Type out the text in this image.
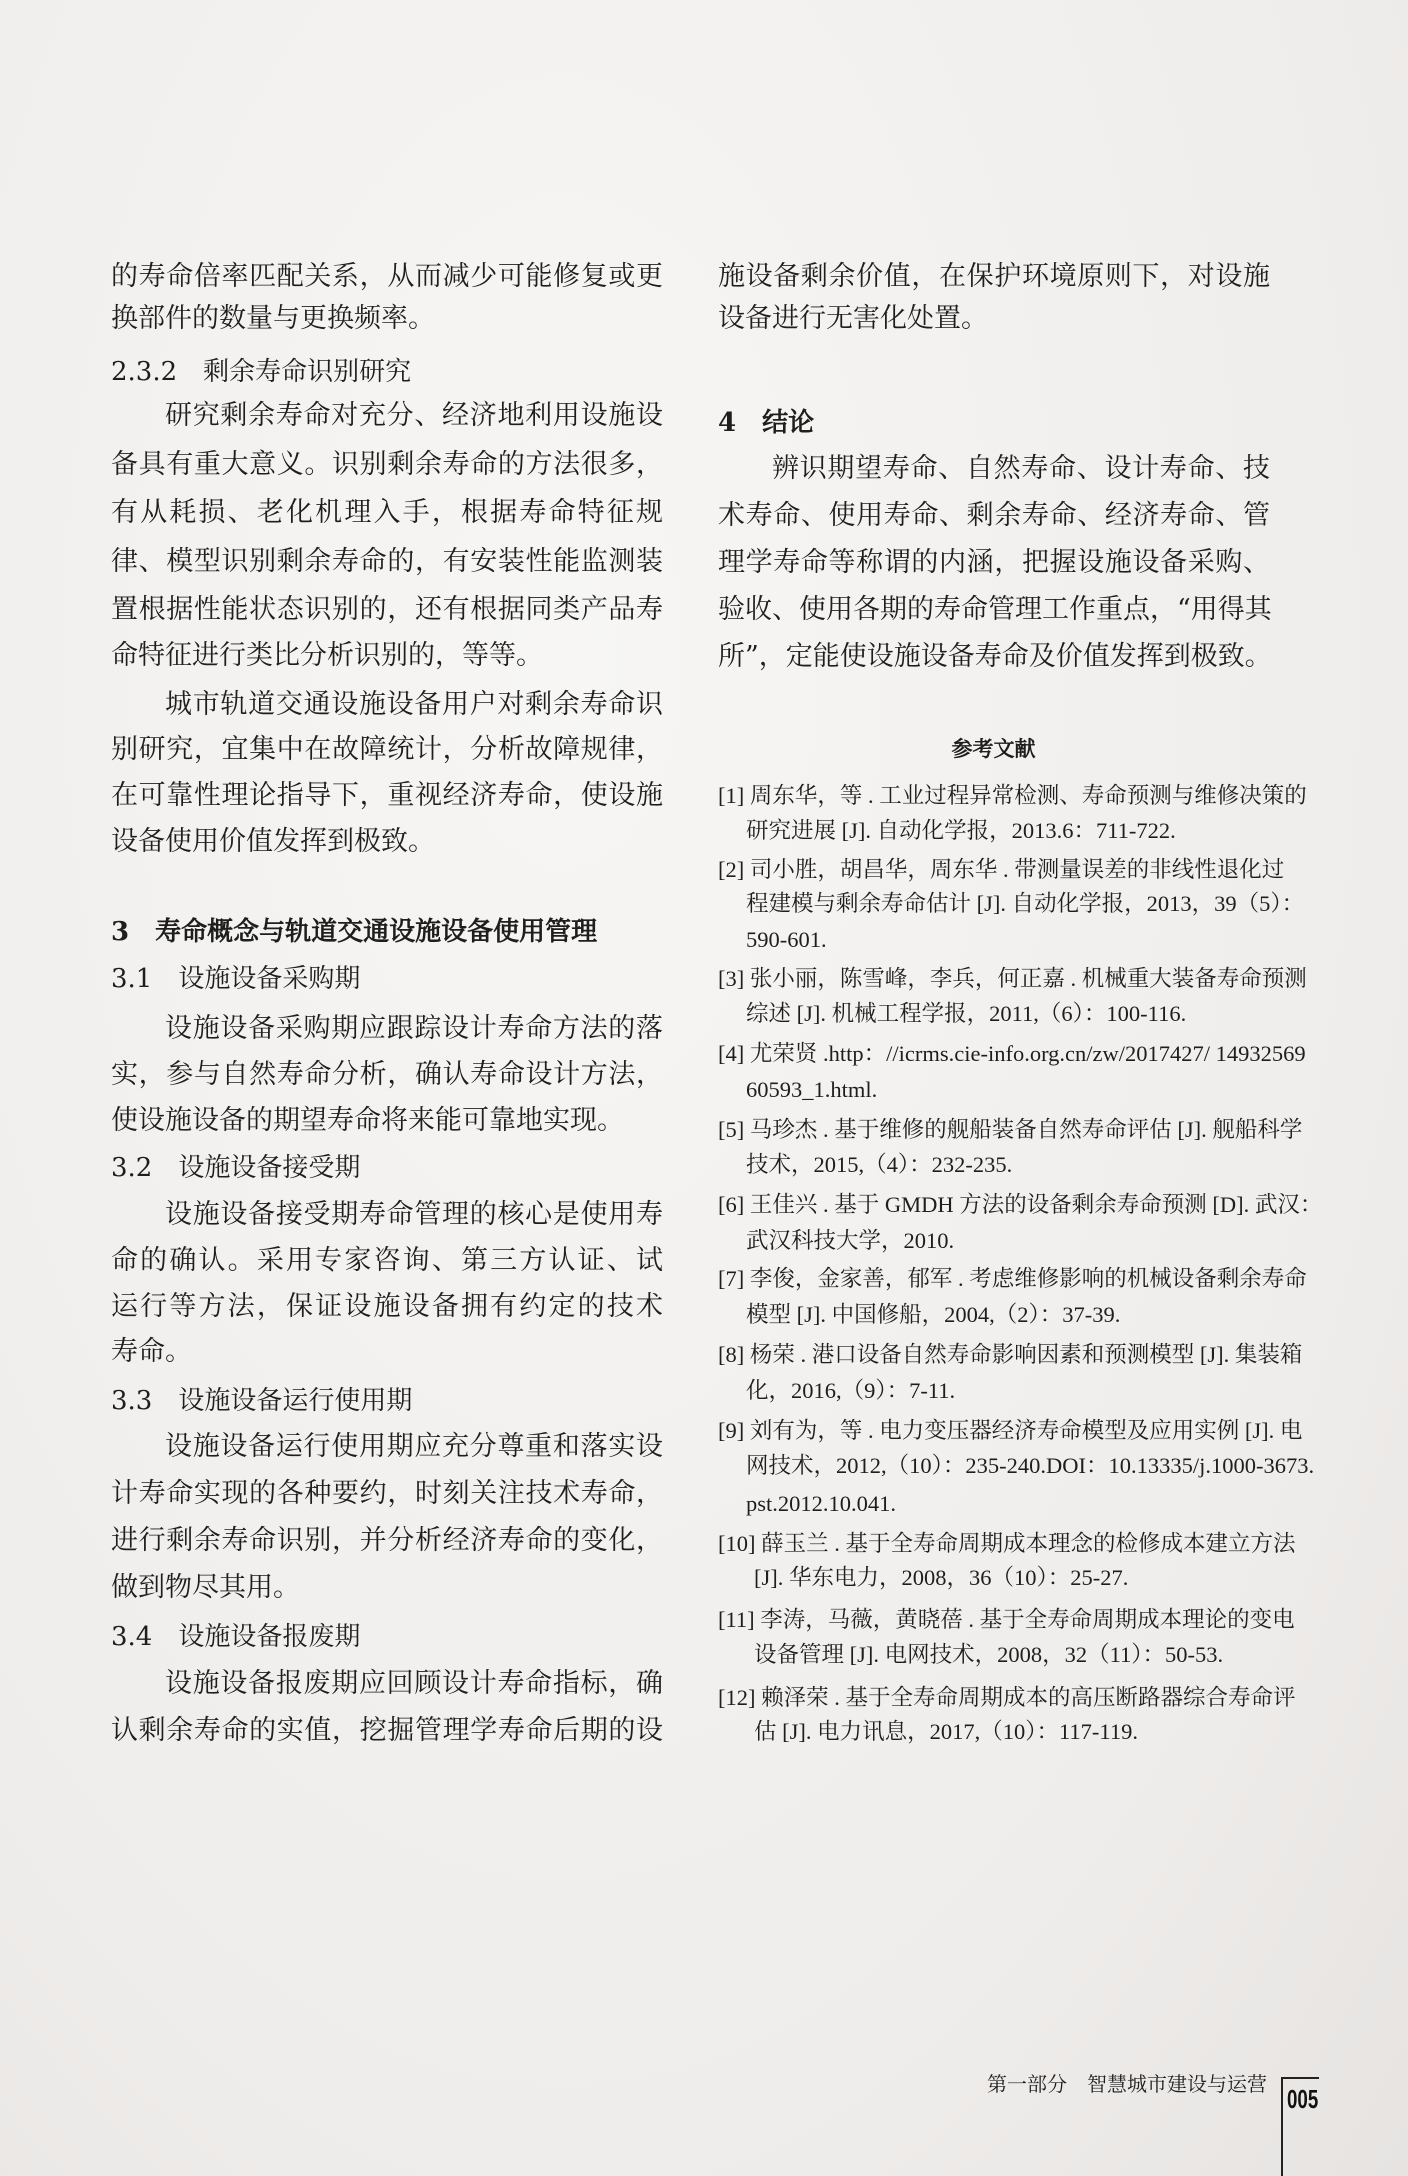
的寿命倍率匹配关系，从而减少可能修复或更
换部件的数量与更换频率。
2.3.2　剩余寿命识别研究
研究剩余寿命对充分、经济地利用设施设
备具有重大意义。识别剩余寿命的方法很多，
有从耗损、老化机理入手，根据寿命特征规
律、模型识别剩余寿命的，有安装性能监测装
置根据性能状态识别的，还有根据同类产品寿
命特征进行类比分析识别的，等等。
城市轨道交通设施设备用户对剩余寿命识
别研究，宜集中在故障统计，分析故障规律，
在可靠性理论指导下，重视经济寿命，使设施
设备使用价值发挥到极致。
3　寿命概念与轨道交通设施设备使用管理
3.1　设施设备采购期
设施设备采购期应跟踪设计寿命方法的落
实，参与自然寿命分析，确认寿命设计方法，
使设施设备的期望寿命将来能可靠地实现。
3.2　设施设备接受期
设施设备接受期寿命管理的核心是使用寿
命的确认。采用专家咨询、第三方认证、试
运行等方法，保证设施设备拥有约定的技术
寿命。
3.3　设施设备运行使用期
设施设备运行使用期应充分尊重和落实设
计寿命实现的各种要约，时刻关注技术寿命，
进行剩余寿命识别，并分析经济寿命的变化，
做到物尽其用。
3.4　设施设备报废期
设施设备报废期应回顾设计寿命指标，确
认剩余寿命的实值，挖掘管理学寿命后期的设
施设备剩余价值，在保护环境原则下，对设施
设备进行无害化处置。
4　结论
辨识期望寿命、自然寿命、设计寿命、技
术寿命、使用寿命、剩余寿命、经济寿命、管
理学寿命等称谓的内涵，把握设施设备采购、
验收、使用各期的寿命管理工作重点，“用得其
所”，定能使设施设备寿命及价值发挥到极致。
参考文献
[1] 周东华，等 . 工业过程异常检测、寿命预测与维修决策的
研究进展 [J]. 自动化学报，2013.6：711-722.
[2] 司小胜，胡昌华，周东华 . 带测量误差的非线性退化过
程建模与剩余寿命估计 [J]. 自动化学报，2013，39（5）：
590-601.
[3] 张小丽，陈雪峰，李兵，何正嘉 . 机械重大装备寿命预测
综述 [J]. 机械工程学报，2011,（6）：100-116.
[4] 尤荣贤 .http：//icrms.cie-info.org.cn/zw/2017427/ 14932569
60593_1.html.
[5] 马珍杰 . 基于维修的舰船装备自然寿命评估 [J]. 舰船科学
技术，2015,（4）：232-235.
[6] 王佳兴 . 基于 GMDH 方法的设备剩余寿命预测 [D]. 武汉：
武汉科技大学，2010.
[7] 李俊，金家善，郁军 . 考虑维修影响的机械设备剩余寿命
模型 [J]. 中国修船，2004,（2）：37-39.
[8] 杨荣 . 港口设备自然寿命影响因素和预测模型 [J]. 集装箱
化，2016,（9）：7-11.
[9] 刘有为，等 . 电力变压器经济寿命模型及应用实例 [J]. 电
网技术，2012,（10）：235-240.DOI：10.13335/j.1000-3673.
pst.2012.10.041.
[10] 薛玉兰 . 基于全寿命周期成本理念的检修成本建立方法
[J]. 华东电力，2008，36（10）：25-27.
[11] 李涛，马薇，黄晓蓓 . 基于全寿命周期成本理论的变电
设备管理 [J]. 电网技术，2008，32（11）：50-53.
[12] 赖泽荣 . 基于全寿命周期成本的高压断路器综合寿命评
估 [J]. 电力讯息，2017,（10）：117-119.
第一部分　智慧城市建设与运营 005
